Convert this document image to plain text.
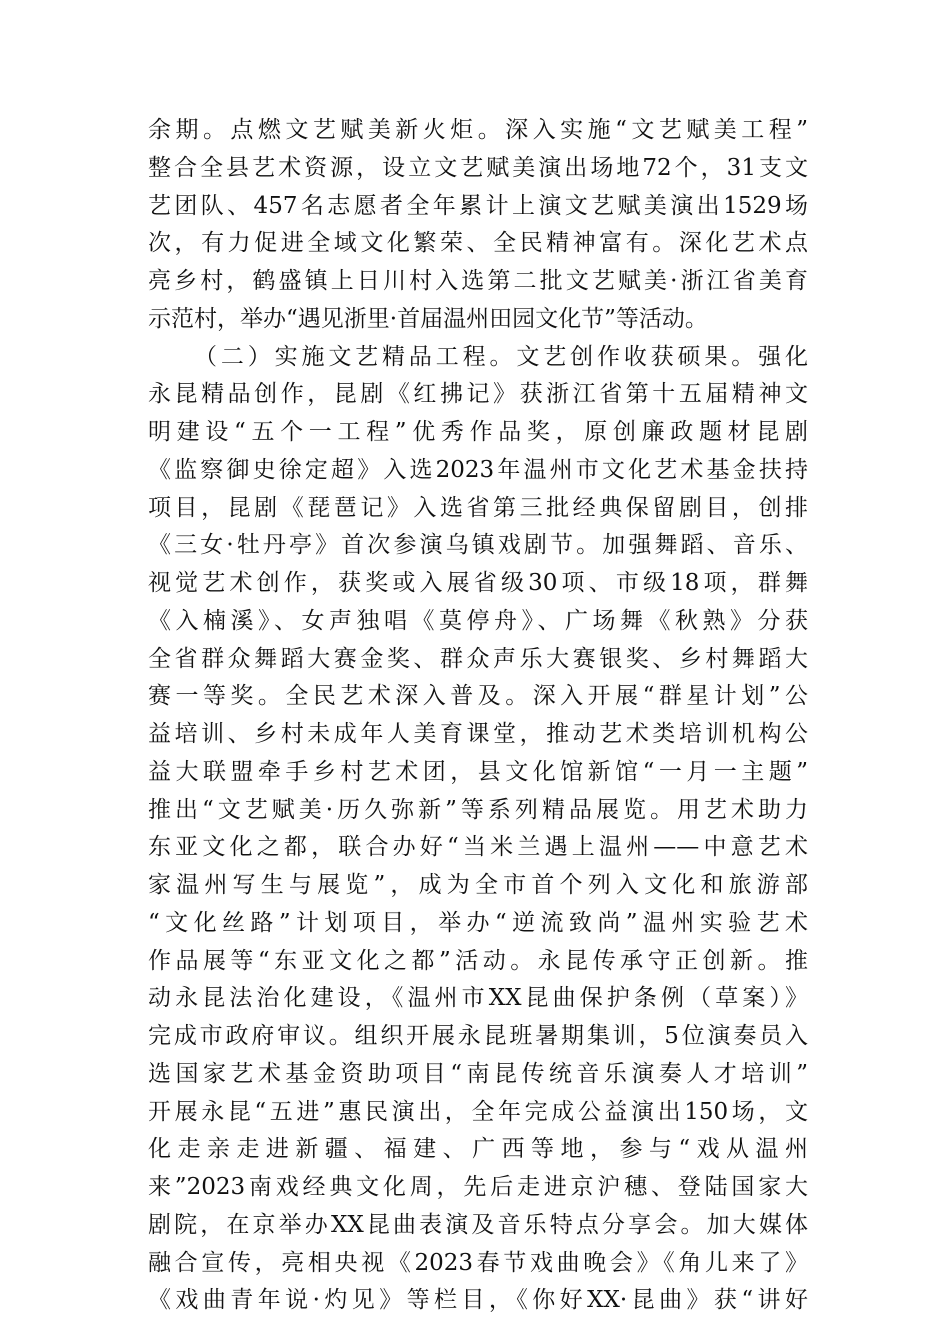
余期。点燃文艺赋美新火炬。深入实施“文艺赋美工程”
整合全县艺术资源，设立文艺赋美演出场地72个，31支文
艺团队、457名志愿者全年累计上演文艺赋美演出1529场
次，有力促进全域文化繁荣、全民精神富有。深化艺术点
亮乡村，鹤盛镇上日川村入选第二批文艺赋美·浙江省美育
示范村，举办“遇见浙里·首届温州田园文化节”等活动。
（二）实施文艺精品工程。文艺创作收获硕果。强化
永昆精品创作，昆剧《红拂记》获浙江省第十五届精神文
明建设“五个一工程”优秀作品奖，原创廉政题材昆剧
《监察御史徐定超》入选2023年温州市文化艺术基金扶持
项目，昆剧《琵琶记》入选省第三批经典保留剧目，创排
《三女·牡丹亭》首次参演乌镇戏剧节。加强舞蹈、音乐、
视觉艺术创作，获奖或入展省级30项、市级18项，群舞
《入楠溪》、女声独唱《莫停舟》、广场舞《秋熟》分获
全省群众舞蹈大赛金奖、群众声乐大赛银奖、乡村舞蹈大
赛一等奖。全民艺术深入普及。深入开展“群星计划”公
益培训、乡村未成年人美育课堂，推动艺术类培训机构公
益大联盟牵手乡村艺术团，县文化馆新馆“一月一主题”
推出“文艺赋美·历久弥新”等系列精品展览。用艺术助力
东亚文化之都，联合办好“当米兰遇上温州——中意艺术
家温州写生与展览”，成为全市首个列入文化和旅游部
“文化丝路”计划项目，举办“逆流致尚”温州实验艺术
作品展等“东亚文化之都”活动。永昆传承守正创新。推
动永昆法治化建设，《温州市XX昆曲保护条例（草案）》
完成市政府审议。组织开展永昆班暑期集训，5位演奏员入
选国家艺术基金资助项目“南昆传统音乐演奏人才培训”
开展永昆“五进”惠民演出，全年完成公益演出150场，文
化走亲走进新疆、福建、广西等地，参与“戏从温州
来”2023南戏经典文化周，先后走进京沪穗、登陆国家大
剧院，在京举办XX昆曲表演及音乐特点分享会。加大媒体
融合宣传，亮相央视《2023春节戏曲晚会》《角儿来了》
《戏曲青年说·灼见》等栏目，《你好XX·昆曲》获“讲好
